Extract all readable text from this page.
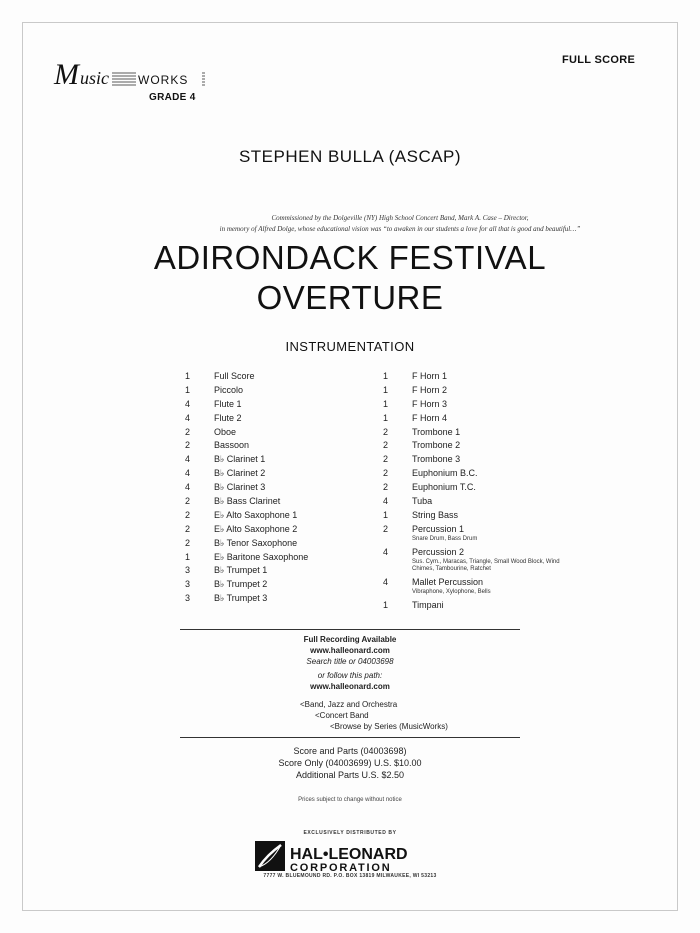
M usic WORKS
GRADE 4
FULL SCORE
STEPHEN BULLA (ASCAP)
Commissioned by the Dolgeville (NY) High School Concert Band, Mark A. Case – Director,
in memory of Alfred Dolge, whose educational vision was “to awaken in our students a love for all that is good and beautiful…”
ADIRONDACK FESTIVAL
OVERTURE
INSTRUMENTATION
1	Full Score
1	Piccolo
4	Flute 1
4	Flute 2
2	Oboe
2	Bassoon
4	B♭ Clarinet 1
4	B♭ Clarinet 2
4	B♭ Clarinet 3
2	B♭ Bass Clarinet
2	E♭ Alto Saxophone 1
2	E♭ Alto Saxophone 2
2	B♭ Tenor Saxophone
1	E♭ Baritone Saxophone
3	B♭ Trumpet 1
3	B♭ Trumpet 2
3	B♭ Trumpet 3
1	F Horn 1
1	F Horn 2
1	F Horn 3
1	F Horn 4
2	Trombone 1
2	Trombone 2
2	Trombone 3
2	Euphonium B.C.
2	Euphonium T.C.
4	Tuba
1	String Bass
2	Percussion 1
Snare Drum, Bass Drum
4	Percussion 2
Sus. Cym., Maracas, Triangle, Small Wood Block, Wind Chimes, Tambourine, Ratchet
4	Mallet Percussion
Vibraphone, Xylophone, Bells
1	Timpani
Full Recording Available
www.halleonard.com
Search title or 04003698
or follow this path:
www.halleonard.com
<Band, Jazz and Orchestra
<Concert Band
<Browse by Series (MusicWorks)
Score and Parts (04003698)
Score Only (04003699) U.S. $10.00
Additional Parts U.S. $2.50
Prices subject to change without notice
EXCLUSIVELY DISTRIBUTED BY
HAL•LEONARD
CORPORATION
7777 W. BLUEMOUND RD. P.O. BOX 13819 MILWAUKEE, WI 53213
